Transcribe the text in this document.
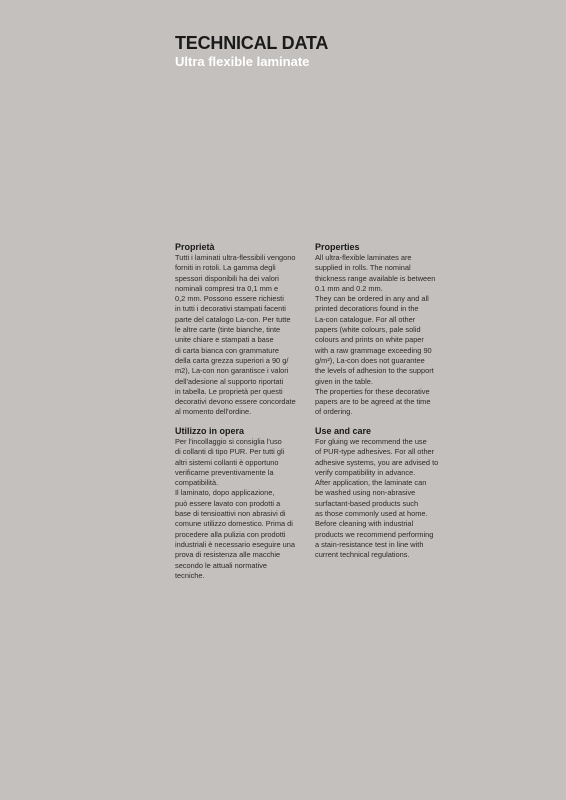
TECHNICAL DATA
Ultra flexible laminate
Proprietà

Tutti i laminati ultra-flessibili vengono
forniti in rotoli. La gamma degli
spessori disponibili ha dei valori
nominali compresi tra 0,1 mm e
0,2 mm. Possono essere richiesti
in tutti i decorativi stampati facenti
parte del catalogo La-con. Per tutte
le altre carte (tinte bianche, tinte
unite chiare e stampati a base
di carta bianca con grammature
della carta grezza superiori a 90 g/
m2), La-con non garantisce i valori
dell'adesione al supporto riportati
in tabella. Le proprietà per questi
decorativi devono essere concordate
al momento dell'ordine.

Properties

All ultra-flexible laminates are
supplied in rolls. The nominal
thickness range available is between
0.1 mm and 0.2 mm.
They can be ordered in any and all
printed decorations found in the
La-con catalogue. For all other
papers (white colours, pale solid
colours and prints on white paper
with a raw grammage exceeding 90
g/m²), La-con does not guarantee
the levels of adhesion to the support
given in the table.
The properties for these decorative
papers are to be agreed at the time
of ordering.

Utilizzo in opera

Per l'incollaggio si consiglia l'uso
di collanti di tipo PUR. Per tutti gli
altri sistemi collanti è opportuno
verificarne preventivamente la
compatibilità.
Il laminato, dopo applicazione,
può essere lavato con prodotti a
base di tensioattivi non abrasivi di
comune utilizzo domestico. Prima di
procedere alla pulizia con prodotti
industriali è necessario eseguire una
prova di resistenza alle macchie
secondo le attuali normative
tecniche.

Use and care

For gluing we recommend the use
of PUR-type adhesives. For all other
adhesive systems, you are advised to
verify compatibility in advance.
After application, the laminate can
be washed using non-abrasive
surfactant-based products such
as those commonly used at home.
Before cleaning with industrial
products we recommend performing
a stain-resistance test in line with
current technical regulations.
